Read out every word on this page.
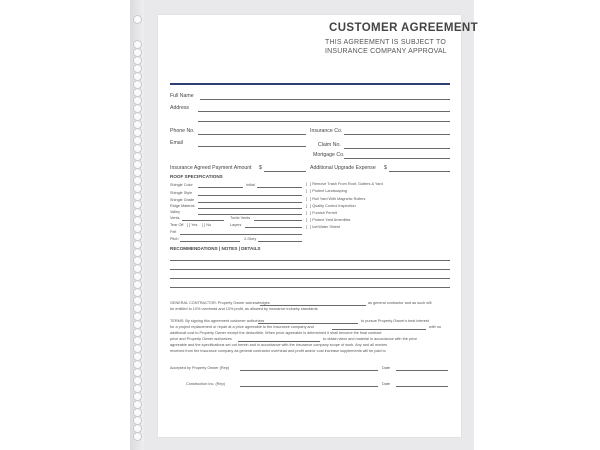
CUSTOMER AGREEMENT
THIS AGREEMENT IS SUBJECT TO
INSURANCE COMPANY APPROVAL
Full Name
Address
Phone No.	Insurance Co.
Email	Claim No.
Mortgage Co.
Insurance Agreed Payment Amount $	Additional Upgrade Expense $
ROOF SPECIFICATIONS
Shingle Color	Initial
Shingle Style
Shingle Grade
Ridge Material
Valley
Vents	Turtle Vents
Tear Off [ ] Yes [ ] No	Layers
Felt
Pitch	2-Story
[ ] Remove Trash From Roof, Gutters & Yard
[ ] Protect Landscaping
[ ] Roll Yard With Magnetic Rollers
[ ] Quality Control Inspection
[ ] Furnish Permit
[ ] Protect Yard Amenities
[ ] Ice/Water Shield
RECOMMENDATIONS | NOTES | DETAILS
GENERAL CONTRACTOR: Property Owner acknowledges	as general contractor and as such will
be entitled to 10% overhead and 10% profit, as allowed by insurance industry standards.
TERMS: By signing this agreement customer authorizes	to pursue Property Owner's best interest
for a project replacement or repair at a price agreeable to the insurance company and	with no
additional cost to Property Owner except the deductible. When price agreeable is determined it shall become the final contract
price and Property Owner authorizes	to obtain labor and material in accordance with the price
agreeable and the specifications set out herein and in accordance with the insurance company scope of work. Any and all monies
received from the insurance company as general contractor overhead and profit and/or cost increase supplements will be paid to
Accepted by Property Owner (Rep)	Date
Construction Inc. (Rep)	Date
